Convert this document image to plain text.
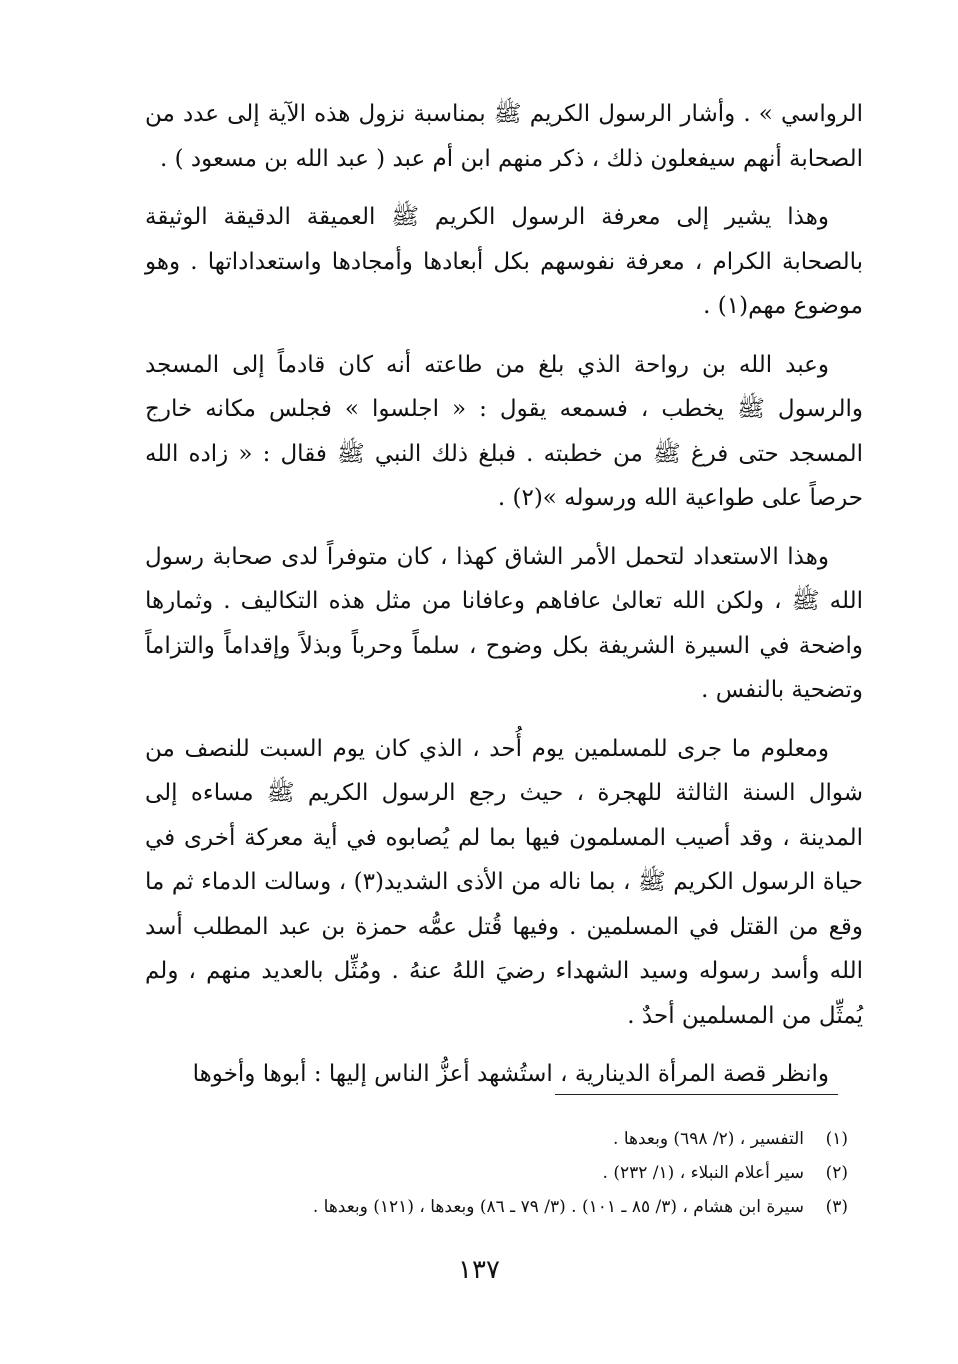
الرواسي » . وأشار الرسول الكريم ﷺ بمناسبة نزول هذه الآية إلى عدد من الصحابة أنهم سيفعلون ذلك ، ذكر منهم ابن أم عبد ( عبد الله بن مسعود ) .

وهذا يشير إلى معرفة الرسول الكريم ﷺ العميقة الدقيقة الوثيقة بالصحابة الكرام ، معرفة نفوسهم بكل أبعادها وأمجادها واستعداداتها . وهو موضوع مهم(١) .

وعبد الله بن رواحة الذي بلغ من طاعته أنه كان قادماً إلى المسجد والرسول ﷺ يخطب ، فسمعه يقول : « اجلسوا » فجلس مكانه خارج المسجد حتى فرغ ﷺ من خطبته . فبلغ ذلك النبي ﷺ فقال : « زاده الله حرصاً على طواعية الله ورسوله »(٢) .

وهذا الاستعداد لتحمل الأمر الشاق كهذا ، كان متوفراً لدى صحابة رسول الله ﷺ ، ولكن الله تعالىٰ عافاهم وعافانا من مثل هذه التكاليف . وثمارها واضحة في السيرة الشريفة بكل وضوح ، سلماً وحرباً وبذلاً وإقداماً والتزاماً وتضحية بالنفس .

ومعلوم ما جرى للمسلمين يوم أُحد ، الذي كان يوم السبت للنصف من شوال السنة الثالثة للهجرة ، حيث رجع الرسول الكريم ﷺ مساءه إلى المدينة ، وقد أصيب المسلمون فيها بما لم يُصابوه في أية معركة أخرى في حياة الرسول الكريم ﷺ ، بما ناله من الأذى الشديد(٣) ، وسالت الدماء ثم ما وقع من القتل في المسلمين . وفيها قُتل عمُّه حمزة بن عبد المطلب أسد الله وأسد رسوله وسيد الشهداء رضيَ اللهُ عنهُ . ومُثِّل بالعديد منهم ، ولم يُمثِّل من المسلمين أحدٌ .

وانظر قصة المرأة الدينارية ، استُشهد أعزُّ الناس إليها : أبوها وأخوها

(١)
التفسير ، (٢/ ٦٩٨) وبعدها .
(٢)
سير أعلام النبلاء ، (١/ ٢٣٢) .
(٣)
سيرة ابن هشام ، (٣/ ٨٥ ـ ١٠١) . (٣/ ٧٩ ـ ٨٦) وبعدها ، (١٢١) وبعدها .
١٣٧
